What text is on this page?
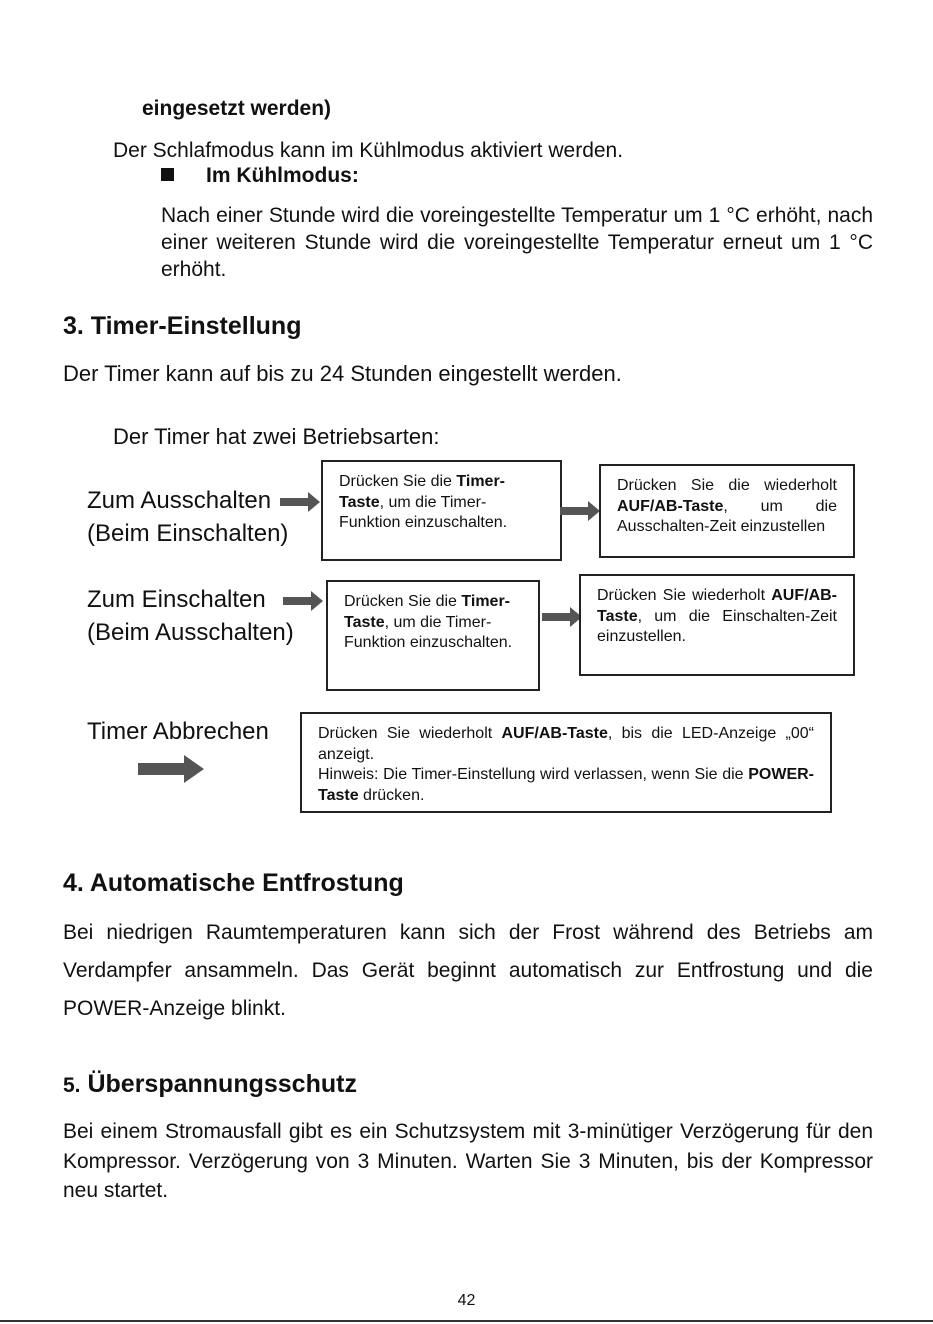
eingesetzt werden)
Der Schlafmodus kann im Kühlmodus aktiviert werden.
Im Kühlmodus:
Nach einer Stunde wird die voreingestellte Temperatur um 1 °C erhöht, nach einer weiteren Stunde wird die voreingestellte Temperatur erneut um 1 °C erhöht.
3. Timer-Einstellung
Der Timer kann auf bis zu 24 Stunden eingestellt werden.
Der Timer hat zwei Betriebsarten:
Zum Ausschalten
(Beim Einschalten)
Drücken Sie die Timer-Taste, um die Timer-Funktion einzuschalten.
Drücken Sie die wiederholt AUF/AB-Taste, um die Ausschalten-Zeit einzustellen
Zum Einschalten
(Beim Ausschalten)
Drücken Sie die Timer-Taste, um die Timer-Funktion einzuschalten.
Drücken Sie wiederholt AUF/AB-Taste, um die Einschalten-Zeit einzustellen.
Timer Abbrechen	Drücken Sie wiederholt AUF/AB-Taste, bis die LED-Anzeige „00“ anzeigt.
Hinweis: Die Timer-Einstellung wird verlassen, wenn Sie die POWER-Taste drücken.
4. Automatische Entfrostung
Bei niedrigen Raumtemperaturen kann sich der Frost während des Betriebs am Verdampfer ansammeln. Das Gerät beginnt automatisch zur Entfrostung und die POWER-Anzeige blinkt.
5. Überspannungsschutz
Bei einem Stromausfall gibt es ein Schutzsystem mit 3-minütiger Verzögerung für den Kompressor. Verzögerung von 3 Minuten. Warten Sie 3 Minuten, bis der Kompressor neu startet.
42
